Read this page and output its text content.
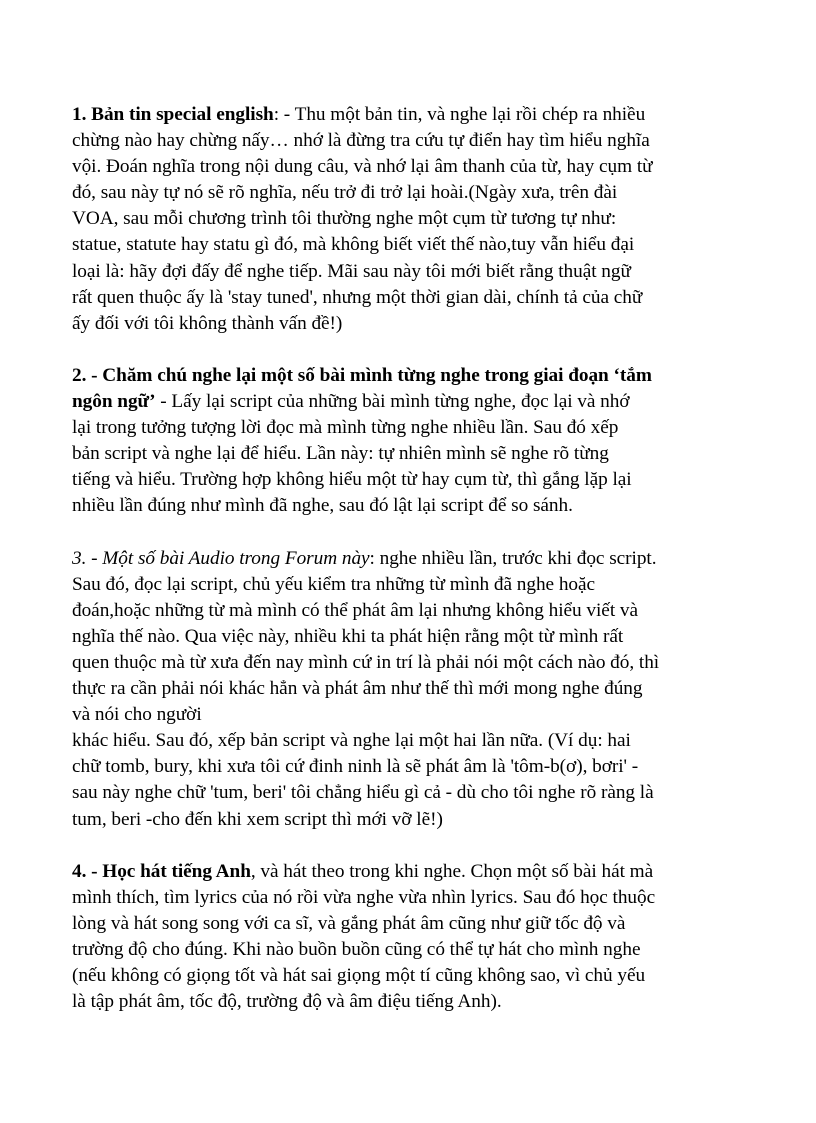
1. Bản tin special english: - Thu một bản tin, và nghe lại rồi chép ra nhiều
chừng nào hay chừng nấy… nhớ là đừng tra cứu tự điển hay tìm hiểu nghĩa
vội. Đoán nghĩa trong nội dung câu, và nhớ lại âm thanh của từ, hay cụm từ
đó, sau này tự nó sẽ rõ nghĩa, nếu trở đi trở lại hoài.(Ngày xưa, trên đài
VOA, sau mỗi chương trình tôi thường nghe một cụm từ tương tự như:
statue, statute hay statu gì đó, mà không biết viết thế nào,tuy vẫn hiểu đại
loại là: hãy đợi đấy để nghe tiếp. Mãi sau này tôi mới biết rằng thuật ngữ
rất quen thuộc ấy là 'stay tuned', nhưng một thời gian dài, chính tả của chữ
ấy đối với tôi không thành vấn đề!)
2. - Chăm chú nghe lại một số bài mình từng nghe trong giai đoạn ‘tắm
ngôn ngữ’ - Lấy lại script của những bài mình từng nghe, đọc lại và nhớ
lại trong tưởng tượng lời đọc mà mình từng nghe nhiều lần. Sau đó xếp
bản script và nghe lại để hiểu. Lần này: tự nhiên mình sẽ nghe rõ từng
tiếng và hiểu. Trường hợp không hiểu một từ hay cụm từ, thì gắng lặp lại
nhiều lần đúng như mình đã nghe, sau đó lật lại script để so sánh.
3. - Một số bài Audio trong Forum này: nghe nhiều lần, trước khi đọc script.
Sau đó, đọc lại script, chủ yếu kiểm tra những từ mình đã nghe hoặc
đoán,hoặc những từ mà mình có thể phát âm lại nhưng không hiểu viết và
nghĩa thế nào. Qua việc này, nhiều khi ta phát hiện rằng một từ mình rất
quen thuộc mà từ xưa đến nay mình cứ in trí là phải nói một cách nào đó, thì
thực ra cần phải nói khác hẳn và phát âm như thế thì mới mong nghe đúng
và nói cho người
khác hiểu. Sau đó, xếp bản script và nghe lại một hai lần nữa. (Ví dụ: hai
chữ tomb, bury, khi xưa tôi cứ đinh ninh là sẽ phát âm là 'tôm-b(ơ), bơri' -
sau này nghe chữ 'tum, beri' tôi chẳng hiểu gì cả - dù cho tôi nghe rõ ràng là
tum, beri -cho đến khi xem script thì mới vỡ lẽ!)
4. - Học hát tiếng Anh, và hát theo trong khi nghe. Chọn một số bài hát mà
mình thích, tìm lyrics của nó rồi vừa nghe vừa nhìn lyrics. Sau đó học thuộc
lòng và hát song song với ca sĩ, và gắng phát âm cũng như giữ tốc độ và
trường độ cho đúng. Khi nào buồn buồn cũng có thể tự hát cho mình nghe
(nếu không có giọng tốt và hát sai giọng một tí cũng không sao, vì chủ yếu
là tập phát âm, tốc độ, trường độ và âm điệu tiếng Anh).
